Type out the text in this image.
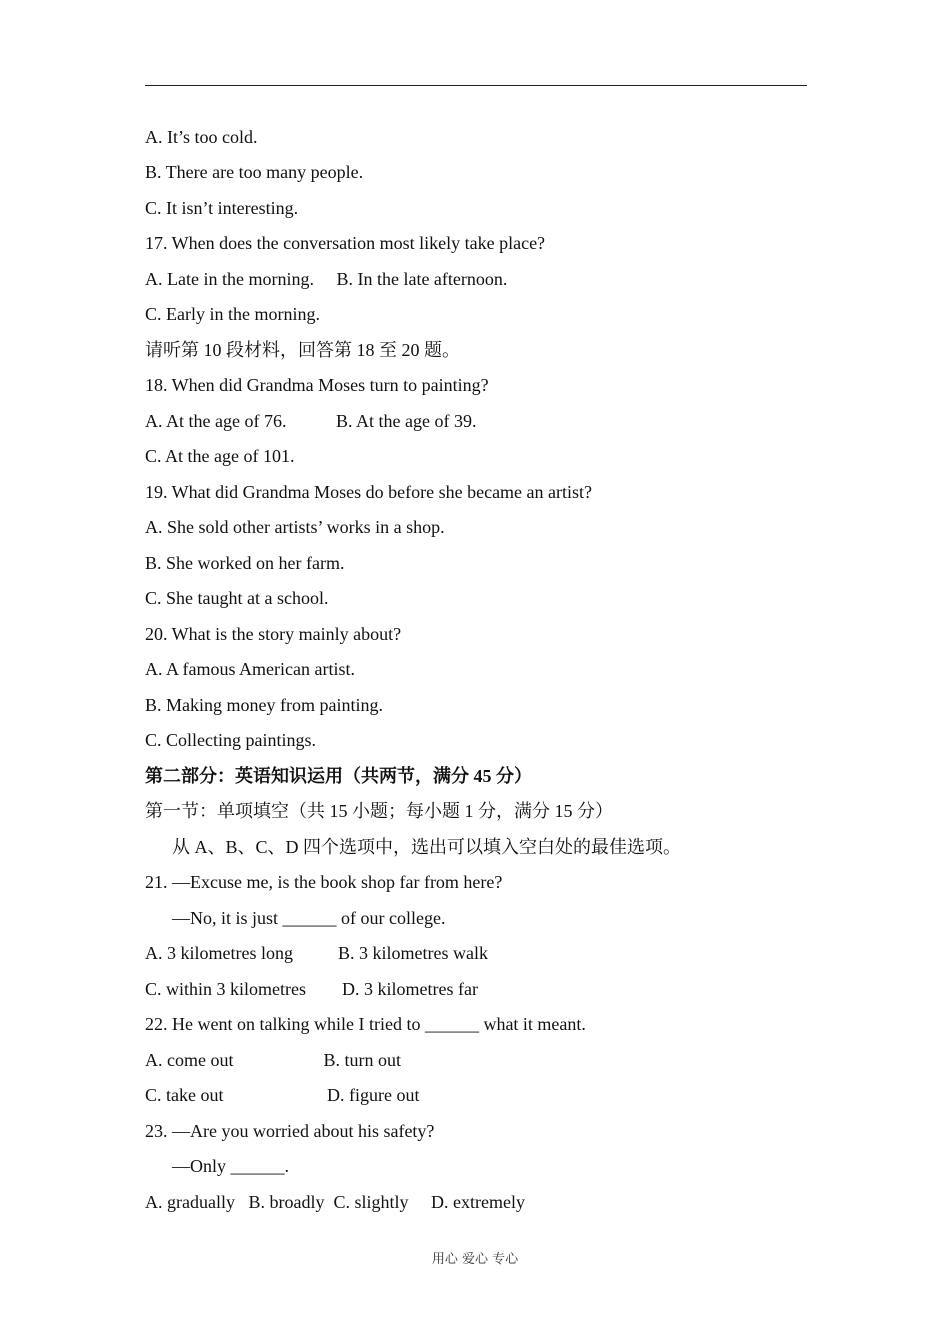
A. It’s too cold.
B. There are too many people.
C. It isn’t interesting.
17. When does the conversation most likely take place?
A. Late in the morning.     B. In the late afternoon.
C. Early in the morning.
请听第 10 段材料，回答第 18 至 20 题。
18. When did Grandma Moses turn to painting?
A. At the age of 76.           B. At the age of 39.
C. At the age of 101.
19. What did Grandma Moses do before she became an artist?
A. She sold other artists’ works in a shop.
B. She worked on her farm.
C. She taught at a school.
20. What is the story mainly about?
A. A famous American artist.
B. Making money from painting.
C. Collecting paintings.
第二部分：英语知识运用（共两节，满分 45 分）
第一节：单项填空（共 15 小题；每小题 1 分，满分 15 分）
从 A、B、C、D 四个选项中，选出可以填入空白处的最佳选项。
21. —Excuse me, is the book shop far from here?
—No, it is just ______ of our college.
A. 3 kilometres long          B. 3 kilometres walk
C. within 3 kilometres        D. 3 kilometres far
22. He went on talking while I tried to ______ what it meant.
A. come out                    B. turn out
C. take out                       D. figure out
23. —Are you worried about his safety?
—Only ______.
A. gradually   B. broadly  C. slightly     D. extremely
用心 爱心 专心
